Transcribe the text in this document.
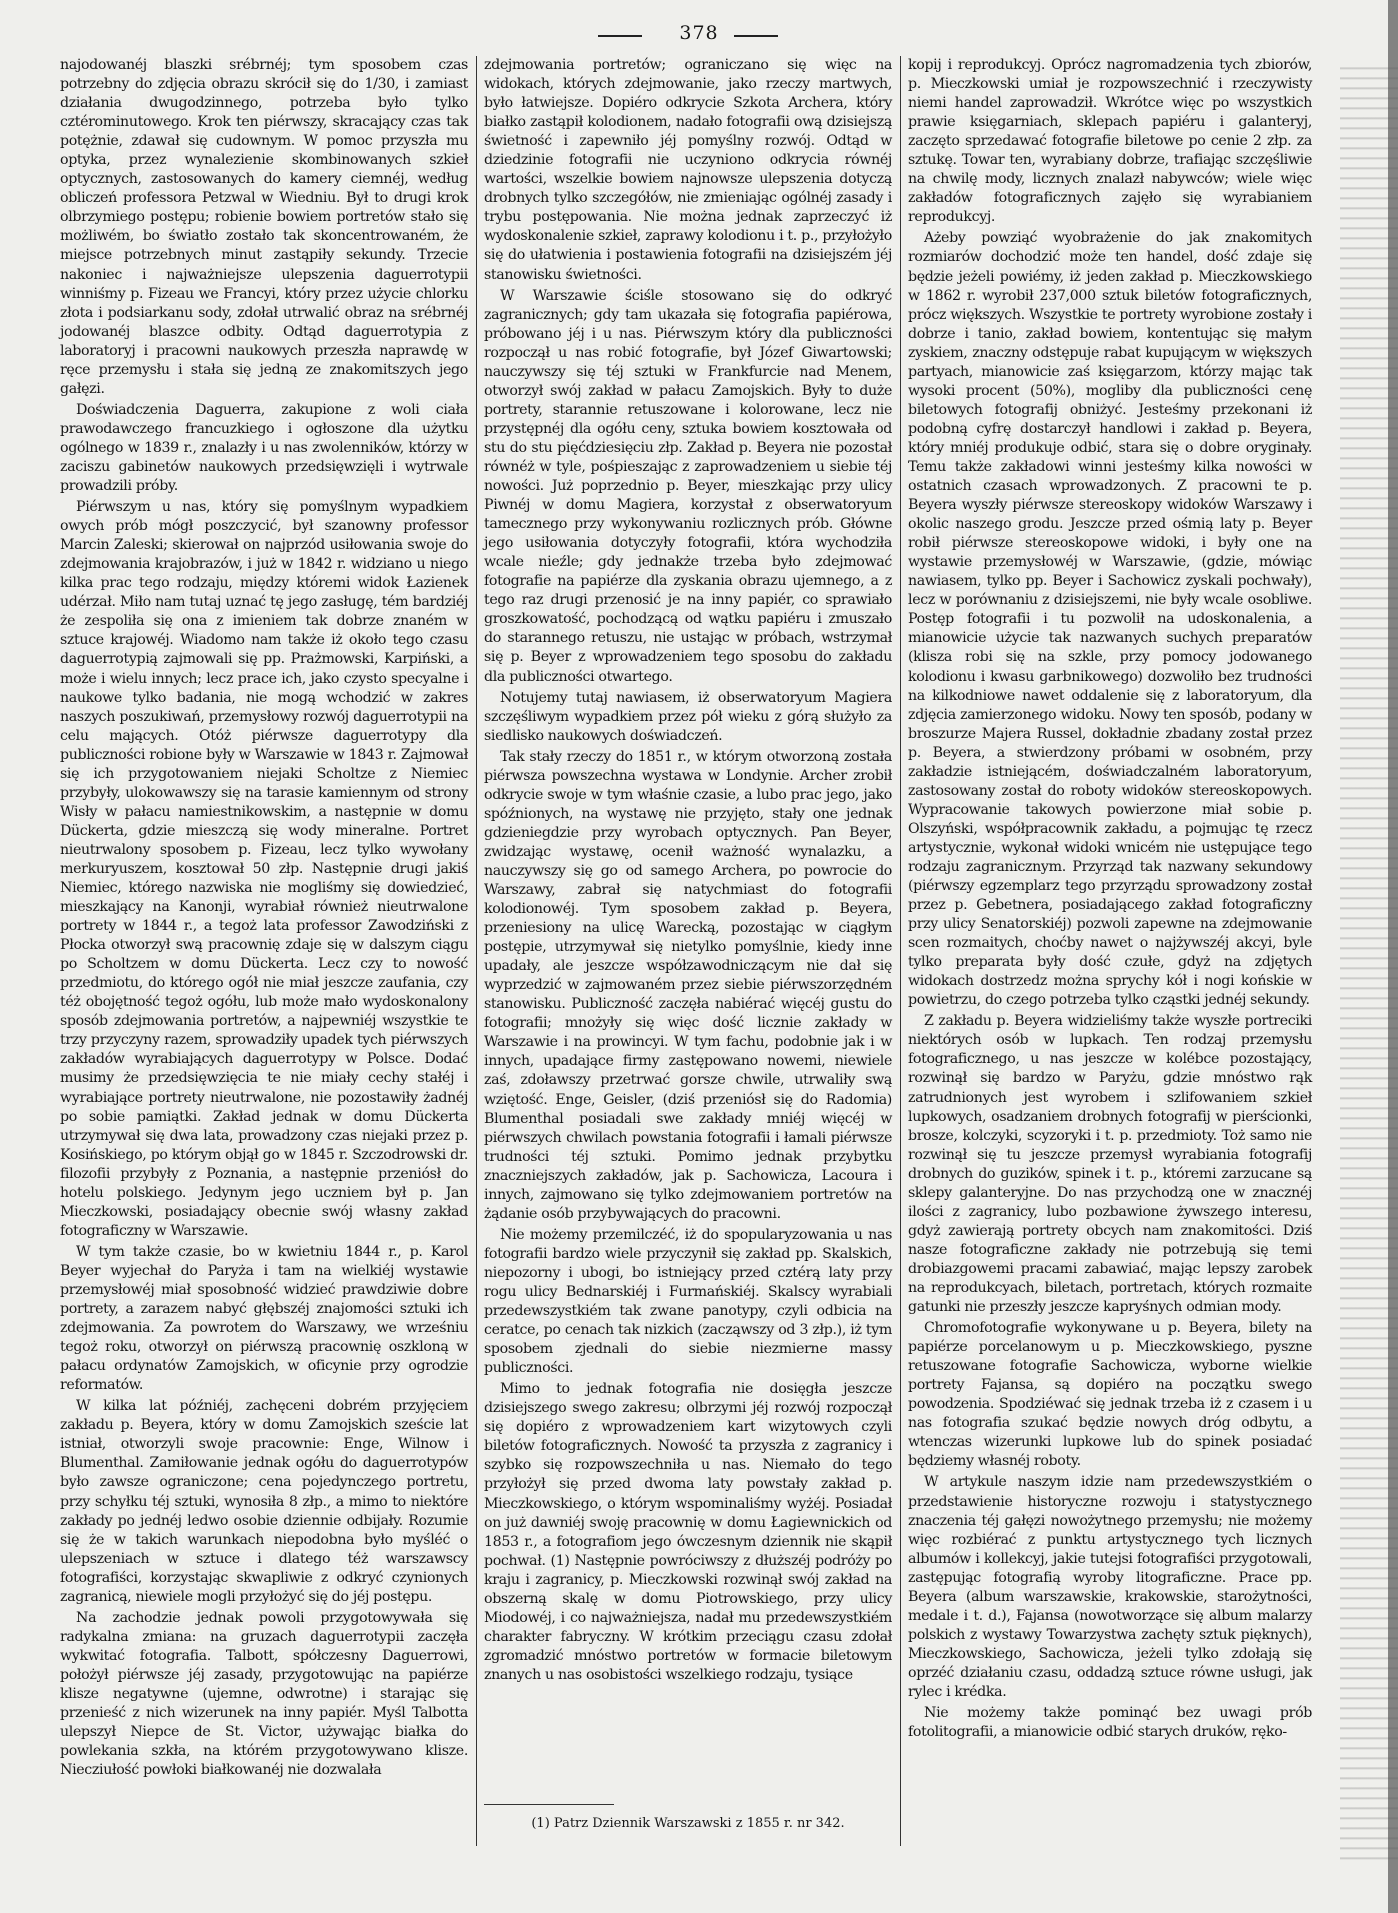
378

najodowanéj blaszki srébrnéj; tym sposobem czas potrzebny do zdjęcia obrazu skrócił się do 1/30, i zamiast działania dwugodzinnego, potrzeba było tylko cztérominutowego. Krok ten piérwszy, skracający czas tak potężnie, zdawał się cudownym. W pomoc przyszła mu optyka, przez wynalezienie skombinowanych szkieł optycznych, zastosowanych do kamery ciemnéj, według obliczeń professora Petzwal w Wiedniu. Był to drugi krok olbrzymiego postępu; robienie bowiem portretów stało się możliwém, bo światło zostało tak skoncentrowaném, że miejsce potrzebnych minut zastąpiły sekundy. Trzecie nakoniec i najważniejsze ulepszenia daguerrotypii winniśmy p. Fizeau we Francyi, który przez użycie chlorku złota i podsiarkanu sody, zdołał utrwalić obraz na srébrnéj jodowanéj blaszce odbity. Odtąd daguerrotypia z laboratoryj i pracowni naukowych przeszła naprawdę w ręce przemysłu i stała się jedną ze znakomitszych jego gałęzi.

Doświadczenia Daguerra, zakupione z woli ciała prawodawczego francuzkiego i ogłoszone dla użytku ogólnego w 1839 r., znalazły i u nas zwolenników, którzy w zaciszu gabinetów naukowych przedsięwzięli i wytrwale prowadzili próby.

Piérwszym u nas, który się pomyślnym wypadkiem owych prób mógł poszczycić, był szanowny professor Marcin Zaleski; skierował on najprzód usiłowania swoje do zdejmowania krajobrazów, i już w 1842 r. widziano u niego kilka prac tego rodzaju, między któremi widok Łazienek udérzał. Miło nam tutaj uznać tę jego zasługę, tém bardziéj że zespoliła się ona z imieniem tak dobrze znaném w sztuce krajowéj. Wiadomo nam także iż około tego czasu daguerrotypią zajmowali się pp. Prażmowski, Karpiński, a może i wielu innych; lecz prace ich, jako czysto specyalne i naukowe tylko badania, nie mogą wchodzić w zakres naszych poszukiwań, przemysłowy rozwój daguerrotypii na celu mających. Otóż piérwsze daguerrotypy dla publiczności robione były w Warszawie w 1843 r. Zajmował się ich przygotowaniem niejaki Scholtze z Niemiec przybyły, ulokowawszy się na tarasie kamiennym od strony Wisły w pałacu namiestnikowskim, a następnie w domu Dückerta, gdzie mieszczą się wody mineralne. Portret nieutrwalony sposobem p. Fizeau, lecz tylko wywołany merkuryuszem, kosztował 50 złp. Następnie drugi jakiś Niemiec, którego nazwiska nie mogliśmy się dowiedzieć, mieszkający na Kanonji, wyrabiał również nieutrwalone portrety w 1844 r., a tegoż lata professor Zawodziński z Płocka otworzył swą pracownię zdaje się w dalszym ciągu po Scholtzem w domu Dückerta. Lecz czy to nowość przedmiotu, do którego ogół nie miał jeszcze zaufania, czy téż obojętność tegoż ogółu, lub może mało wydoskonalony sposób zdejmowania portretów, a najpewniéj wszystkie te trzy przyczyny razem, sprowadziły upadek tych piérwszych zakładów wyrabiających daguerrotypy w Polsce. Dodać musimy że przedsięwzięcia te nie miały cechy stałéj i wyrabiające portrety nieutrwalone, nie pozostawiły żadnéj po sobie pamiątki. Zakład jednak w domu Dückerta utrzymywał się dwa lata, prowadzony czas niejaki przez p. Kosińskiego, po którym objął go w 1845 r. Szczodrowski dr. filozofii przybyły z Poznania, a następnie przeniósł do hotelu polskiego. Jedynym jego uczniem był p. Jan Mieczkowski, posiadający obecnie swój własny zakład fotograficzny w Warszawie.

W tym także czasie, bo w kwietniu 1844 r., p. Karol Beyer wyjechał do Paryża i tam na wielkiéj wystawie przemysłowéj miał sposobność widzieć prawdziwie dobre portrety, a zarazem nabyć głębszéj znajomości sztuki ich zdejmowania. Za powrotem do Warszawy, we wrześniu tegoż roku, otworzył on piérwszą pracownię oszkloną w pałacu ordynatów Zamojskich, w oficynie przy ogrodzie reformatów.

W kilka lat późniéj, zachęceni dobrém przyjęciem zakładu p. Beyera, który w domu Zamojskich szeście lat istniał, otworzyli swoje pracownie: Enge, Wilnow i Blumenthal. Zamiłowanie jednak ogółu do daguerrotypów było zawsze ograniczone; cena pojedynczego portretu, przy schyłku téj sztuki, wynosiła 8 złp., a mimo to niektóre zakłady po jednéj ledwo osobie dziennie odbijały. Rozumie się że w takich warunkach niepodobna było myśléć o ulepszeniach w sztuce i dlatego téż warszawscy fotografiści, korzystając skwapliwie z odkryć czynionych zagranicą, niewiele mogli przyłożyć się do jéj postępu.

Na zachodzie jednak powoli przygotowywała się radykalna zmiana: na gruzach daguerrotypii zaczęła wykwitać fotografia. Talbott, spółczesny Daguerrowi, położył piérwsze jéj zasady, przygotowując na papiérze klisze negatywne (ujemne, odwrotne) i starając się przenieść z nich wizerunek na inny papiér. Myśl Talbotta ulepszył Niepce de St. Victor, używając białka do powlekania szkła, na którém przygotowywano klisze. Niecziułość powłoki białkowanéj nie dozwalała

zdejmowania portretów; ograniczano się więc na widokach, których zdejmowanie, jako rzeczy martwych, było łatwiejsze. Dopiéro odkrycie Szkota Archera, który białko zastąpił kolodionem, nadało fotografii ową dzisiejszą świetność i zapewniło jéj pomyślny rozwój. Odtąd w dziedzinie fotografii nie uczyniono odkrycia równéj wartości, wszelkie bowiem najnowsze ulepszenia dotyczą drobnych tylko szczegółów, nie zmieniając ogólnéj zasady i trybu postępowania. Nie można jednak zaprzeczyć iż wydoskonalenie szkieł, zaprawy kolodionu i t. p., przyłożyło się do ułatwienia i postawienia fotografii na dzisiejszém jéj stanowisku świetności.

W Warszawie ściśle stosowano się do odkryć zagranicznych; gdy tam ukazała się fotografia papiérowa, próbowano jéj i u nas. Piérwszym który dla publiczności rozpoczął u nas robić fotografie, był Józef Giwartowski; nauczywszy się téj sztuki w Frankfurcie nad Menem, otworzył swój zakład w pałacu Zamojskich. Były to duże portrety, starannie retuszowane i kolorowane, lecz nie przystępnéj dla ogółu ceny, sztuka bowiem kosztowała od stu do stu pięćdziesięciu złp. Zakład p. Beyera nie pozostał równéż w tyle, pośpieszając z zaprowadzeniem u siebie téj nowości. Już poprzednio p. Beyer, mieszkając przy ulicy Piwnéj w domu Magiera, korzystał z obserwatoryum tamecznego przy wykonywaniu rozlicznych prób. Główne jego usiłowania dotyczyły fotografii, która wychodziła wcale nieźle; gdy jednakże trzeba było zdejmować fotografie na papiérze dla zyskania obrazu ujemnego, a z tego raz drugi przenosić je na inny papiér, co sprawiało groszkowatość, pochodzącą od wątku papiéru i zmuszało do starannego retuszu, nie ustając w próbach, wstrzymał się p. Beyer z wprowadzeniem tego sposobu do zakładu dla publiczności otwartego.

Notujemy tutaj nawiasem, iż obserwatoryum Magiera szczęśliwym wypadkiem przez pół wieku z górą służyło za siedlisko naukowych doświadczeń.

Tak stały rzeczy do 1851 r., w którym otworzoną została piérwsza powszechna wystawa w Londynie. Archer zrobił odkrycie swoje w tym właśnie czasie, a lubo prac jego, jako spóźnionych, na wystawę nie przyjęto, stały one jednak gdzieniegdzie przy wyrobach optycznych. Pan Beyer, zwidzając wystawę, ocenił ważność wynalazku, a nauczywszy się go od samego Archera, po powrocie do Warszawy, zabrał się natychmiast do fotografii kolodionowéj. Tym sposobem zakład p. Beyera, przeniesiony na ulicę Warecką, pozostając w ciągłym postępie, utrzymywał się nietylko pomyślnie, kiedy inne upadały, ale jeszcze współzawodniczącym nie dał się wyprzedzić w zajmowaném przez siebie piérwszorzędném stanowisku. Publiczność zaczęła nabiérać więcéj gustu do fotografii; mnożyły się więc dość licznie zakłady w Warszawie i na prowincyi. W tym fachu, podobnie jak i w innych, upadające firmy zastępowano nowemi, niewiele zaś, zdoławszy przetrwać gorsze chwile, utrwaliły swą wziętość. Enge, Geisler, (dziś przeniósł się do Radomia) Blumenthal posiadali swe zakłady mniéj więcéj w piérwszych chwilach powstania fotografii i łamali piérwsze trudności téj sztuki. Pomimo jednak przybytku znaczniejszych zakładów, jak p. Sachowicza, Lacoura i innych, zajmowano się tylko zdejmowaniem portretów na żądanie osób przybywających do pracowni.

Nie możemy przemilczéć, iż do spopularyzowania u nas fotografii bardzo wiele przyczynił się zakład pp. Skalskich, niepozorny i ubogi, bo istniejący przed cztérą laty przy rogu ulicy Bednarskiéj i Furmańskiéj. Skalscy wyrabiali przedewszystkiém tak zwane panotypy, czyli odbicia na ceratce, po cenach tak nizkich (zacząwszy od 3 złp.), iż tym sposobem zjednali do siebie niezmierne massy publiczności.

Mimo to jednak fotografia nie dosięgła jeszcze dzisiejszego swego zakresu; olbrzymi jéj rozwój rozpoczął się dopiéro z wprowadzeniem kart wizytowych czyli biletów fotograficznych. Nowość ta przyszła z zagranicy i szybko się rozpowszechniła u nas. Niemało do tego przyłożył się przed dwoma laty powstały zakład p. Mieczkowskiego, o którym wspominaliśmy wyżéj. Posiadał on już dawniéj swoję pracownię w domu Łagiewnickich od 1853 r., a fotografiom jego ówczesnym dziennik nie skąpił pochwał. (1) Następnie powróciwszy z dłuższéj podróży po kraju i zagranicy, p. Mieczkowski rozwinął swój zakład na obszerną skalę w domu Piotrowskiego, przy ulicy Miodowéj, i co najważniejsza, nadał mu przedewszystkiém charakter fabryczny. W krótkim przeciągu czasu zdołał zgromadzić mnóstwo portretów w formacie biletowym znanych u nas osobistości wszelkiego rodzaju, tysiące

kopij i reprodukcyj. Oprócz nagromadzenia tych zbiorów, p. Mieczkowski umiał je rozpowszechnić i rzeczywisty niemi handel zaprowadził. Wkrótce więc po wszystkich prawie księgarniach, sklepach papiéru i galanteryj, zaczęto sprzedawać fotografie biletowe po cenie 2 złp. za sztukę. Towar ten, wyrabiany dobrze, trafiając szczęśliwie na chwilę mody, licznych znalazł nabywców; wiele więc zakładów fotograficznych zajęło się wyrabianiem reprodukcyj.

Ażeby powziąć wyobrażenie do jak znakomitych rozmiarów dochodzić może ten handel, dość zdaje się będzie jeżeli powiémy, iż jeden zakład p. Mieczkowskiego w 1862 r. wyrobił 237,000 sztuk biletów fotograficznych, prócz większych. Wszystkie te portrety wyrobione zostały i dobrze i tanio, zakład bowiem, kontentując się małym zyskiem, znaczny odstępuje rabat kupującym w większych partyach, mianowicie zaś księgarzom, którzy mając tak wysoki procent (50%), mogliby dla publiczności cenę biletowych fotografij obniżyć. Jesteśmy przekonani iż podobną cyfrę dostarczył handlowi i zakład p. Beyera, który mniéj produkuje odbić, stara się o dobre oryginały. Temu także zakładowi winni jesteśmy kilka nowości w ostatnich czasach wprowadzonych. Z pracowni te p. Beyera wyszły piérwsze stereoskopy widoków Warszawy i okolic naszego grodu. Jeszcze przed ośmią laty p. Beyer robił piérwsze stereoskopowe widoki, i były one na wystawie przemysłowéj w Warszawie, (gdzie, mówiąc nawiasem, tylko pp. Beyer i Sachowicz zyskali pochwały), lecz w porównaniu z dzisiejszemi, nie były wcale osobliwe. Postęp fotografii i tu pozwolił na udoskonalenia, a mianowicie użycie tak nazwanych suchych preparatów (klisza robi się na szkle, przy pomocy jodowanego kolodionu i kwasu garbnikowego) dozwoliło bez trudności na kilkodniowe nawet oddalenie się z laboratoryum, dla zdjęcia zamierzonego widoku. Nowy ten sposób, podany w broszurze Majera Russel, dokładnie zbadany został przez p. Beyera, a stwierdzony próbami w osobném, przy zakładzie istniejącém, doświadczalném laboratoryum, zastosowany został do roboty widoków stereoskopowych. Wypracowanie takowych powierzone miał sobie p. Olszyński, współpracownik zakładu, a pojmując tę rzecz artystycznie, wykonał widoki wnicém nie ustępujące tego rodzaju zagranicznym. Przyrząd tak nazwany sekundowy (piérwszy egzemplarz tego przyrządu sprowadzony został przez p. Gebetnera, posiadającego zakład fotograficzny przy ulicy Senatorskiéj) pozwoli zapewne na zdejmowanie scen rozmaitych, choćby nawet o najżywszéj akcyi, byle tylko preparata były dość czułe, gdyż na zdjętych widokach dostrzedz można sprychy kół i nogi końskie w powietrzu, do czego potrzeba tylko cząstki jednéj sekundy.

Z zakładu p. Beyera widzieliśmy także wyszłe portreciki niektórych osób w lupkach. Ten rodzaj przemysłu fotograficznego, u nas jeszcze w kolébce pozostający, rozwinął się bardzo w Paryżu, gdzie mnóstwo rąk zatrudnionych jest wyrobem i szlifowaniem szkieł lupkowych, osadzaniem drobnych fotografij w pierścionki, brosze, kolczyki, scyzoryki i t. p. przedmioty. Toż samo nie rozwinął się tu jeszcze przemysł wyrabiania fotografij drobnych do guzików, spinek i t. p., któremi zarzucane są sklepy galanteryjne. Do nas przychodzą one w znacznéj ilości z zagranicy, lubo pozbawione żywszego interesu, gdyż zawierają portrety obcych nam znakomitości. Dziś nasze fotograficzne zakłady nie potrzebują się temi drobiazgowemi pracami zabawiać, mając lepszy zarobek na reprodukcyach, biletach, portretach, których rozmaite gatunki nie przeszły jeszcze kapryśnych odmian mody.

Chromofotografie wykonywane u p. Beyera, bilety na papiérze porcelanowym u p. Mieczkowskiego, pyszne retuszowane fotografie Sachowicza, wyborne wielkie portrety Fajansa, są dopiéro na początku swego powodzenia. Spodziéwać się jednak trzeba iż z czasem i u nas fotografia szukać będzie nowych dróg odbytu, a wtenczas wizerunki lupkowe lub do spinek posiadać będziemy własnéj roboty.

W artykule naszym idzie nam przedewszystkiém o przedstawienie historyczne rozwoju i statystycznego znaczenia téj gałęzi nowożytnego przemysłu; nie możemy więc rozbiérać z punktu artystycznego tych licznych albumów i kollekcyj, jakie tutejsi fotografiści przygotowali, zastępując fotografią wyroby litograficzne. Prace pp. Beyera (album warszawskie, krakowskie, starożytności, medale i t. d.), Fajansa (nowotworzące się album malarzy polskich z wystawy Towarzystwa zachęty sztuk pięknych), Mieczkowskiego, Sachowicza, jeżeli tylko zdołają się oprzéć działaniu czasu, oddadzą sztuce równe usługi, jak rylec i krédka.

Nie możemy także pominąć bez uwagi prób fotolitografii, a mianowicie odbić starych druków, ręko-

(1) Patrz Dziennik Warszawski z 1855 r. nr 342.
